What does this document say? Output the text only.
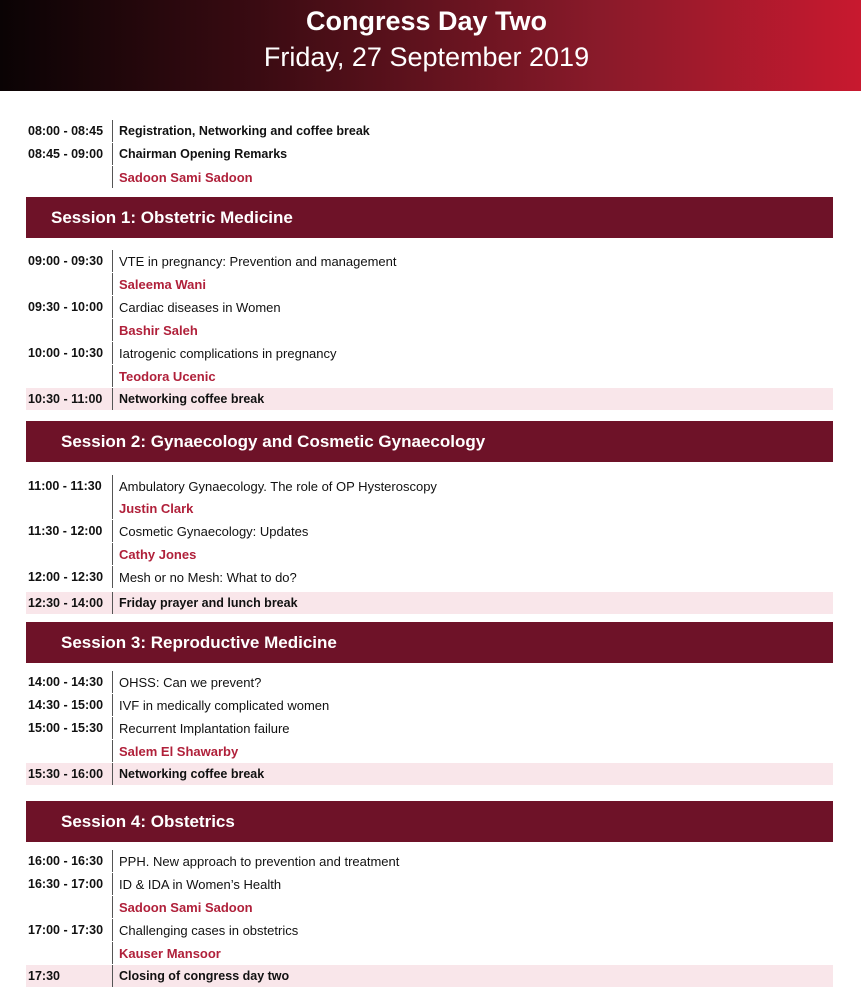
Congress Day Two
Friday, 27 September 2019
08:00 - 08:45	Registration, Networking and coffee break
08:45 - 09:00	Chairman Opening Remarks
Sadoon Sami Sadoon
Session 1: Obstetric Medicine
09:00 - 09:30	VTE in pregnancy: Prevention and management
Saleema Wani
09:30 - 10:00	Cardiac diseases in Women
Bashir Saleh
10:00 - 10:30	Iatrogenic complications in pregnancy
Teodora Ucenic
10:30 - 11:00	Networking coffee break
Session 2: Gynaecology and Cosmetic Gynaecology
11:00 - 11:30	Ambulatory Gynaecology. The role of OP Hysteroscopy
Justin Clark
11:30 - 12:00	Cosmetic Gynaecology: Updates
Cathy Jones
12:00 - 12:30	Mesh or no Mesh: What to do?
12:30 - 14:00	Friday prayer and lunch break
Session 3: Reproductive Medicine
14:00 - 14:30	OHSS: Can we prevent?
14:30 - 15:00	IVF in medically complicated women
15:00 - 15:30	Recurrent Implantation failure
Salem El Shawarby
15:30 - 16:00	Networking coffee break
Session 4: Obstetrics
16:00 - 16:30	PPH. New approach to prevention and treatment
16:30 - 17:00	ID & IDA in Women’s Health
Sadoon Sami Sadoon
17:00 - 17:30	Challenging cases in obstetrics
Kauser Mansoor
17:30	Closing of congress day two
